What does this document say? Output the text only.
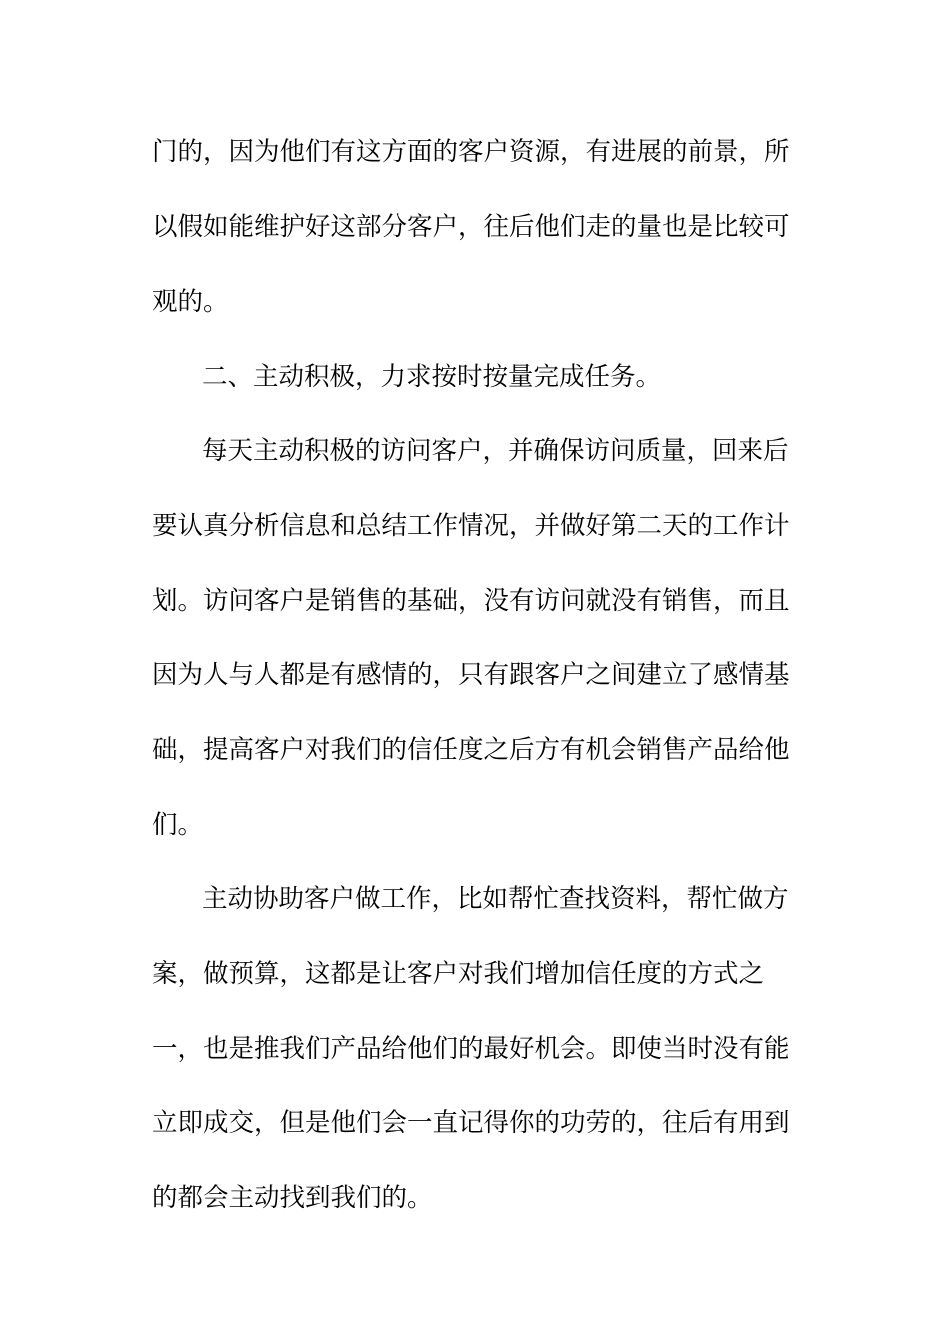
门的，因为他们有这方面的客户资源，有进展的前景，所
以假如能维护好这部分客户，往后他们走的量也是比较可
观的。
二、主动积极，力求按时按量完成任务。
每天主动积极的访问客户，并确保访问质量，回来后
要认真分析信息和总结工作情况，并做好第二天的工作计
划。访问客户是销售的基础，没有访问就没有销售，而且
因为人与人都是有感情的，只有跟客户之间建立了感情基
础，提高客户对我们的信任度之后方有机会销售产品给他
们。
主动协助客户做工作，比如帮忙查找资料，帮忙做方
案，做预算，这都是让客户对我们增加信任度的方式之
一，也是推我们产品给他们的最好机会。即使当时没有能
立即成交，但是他们会一直记得你的功劳的，往后有用到
的都会主动找到我们的。
